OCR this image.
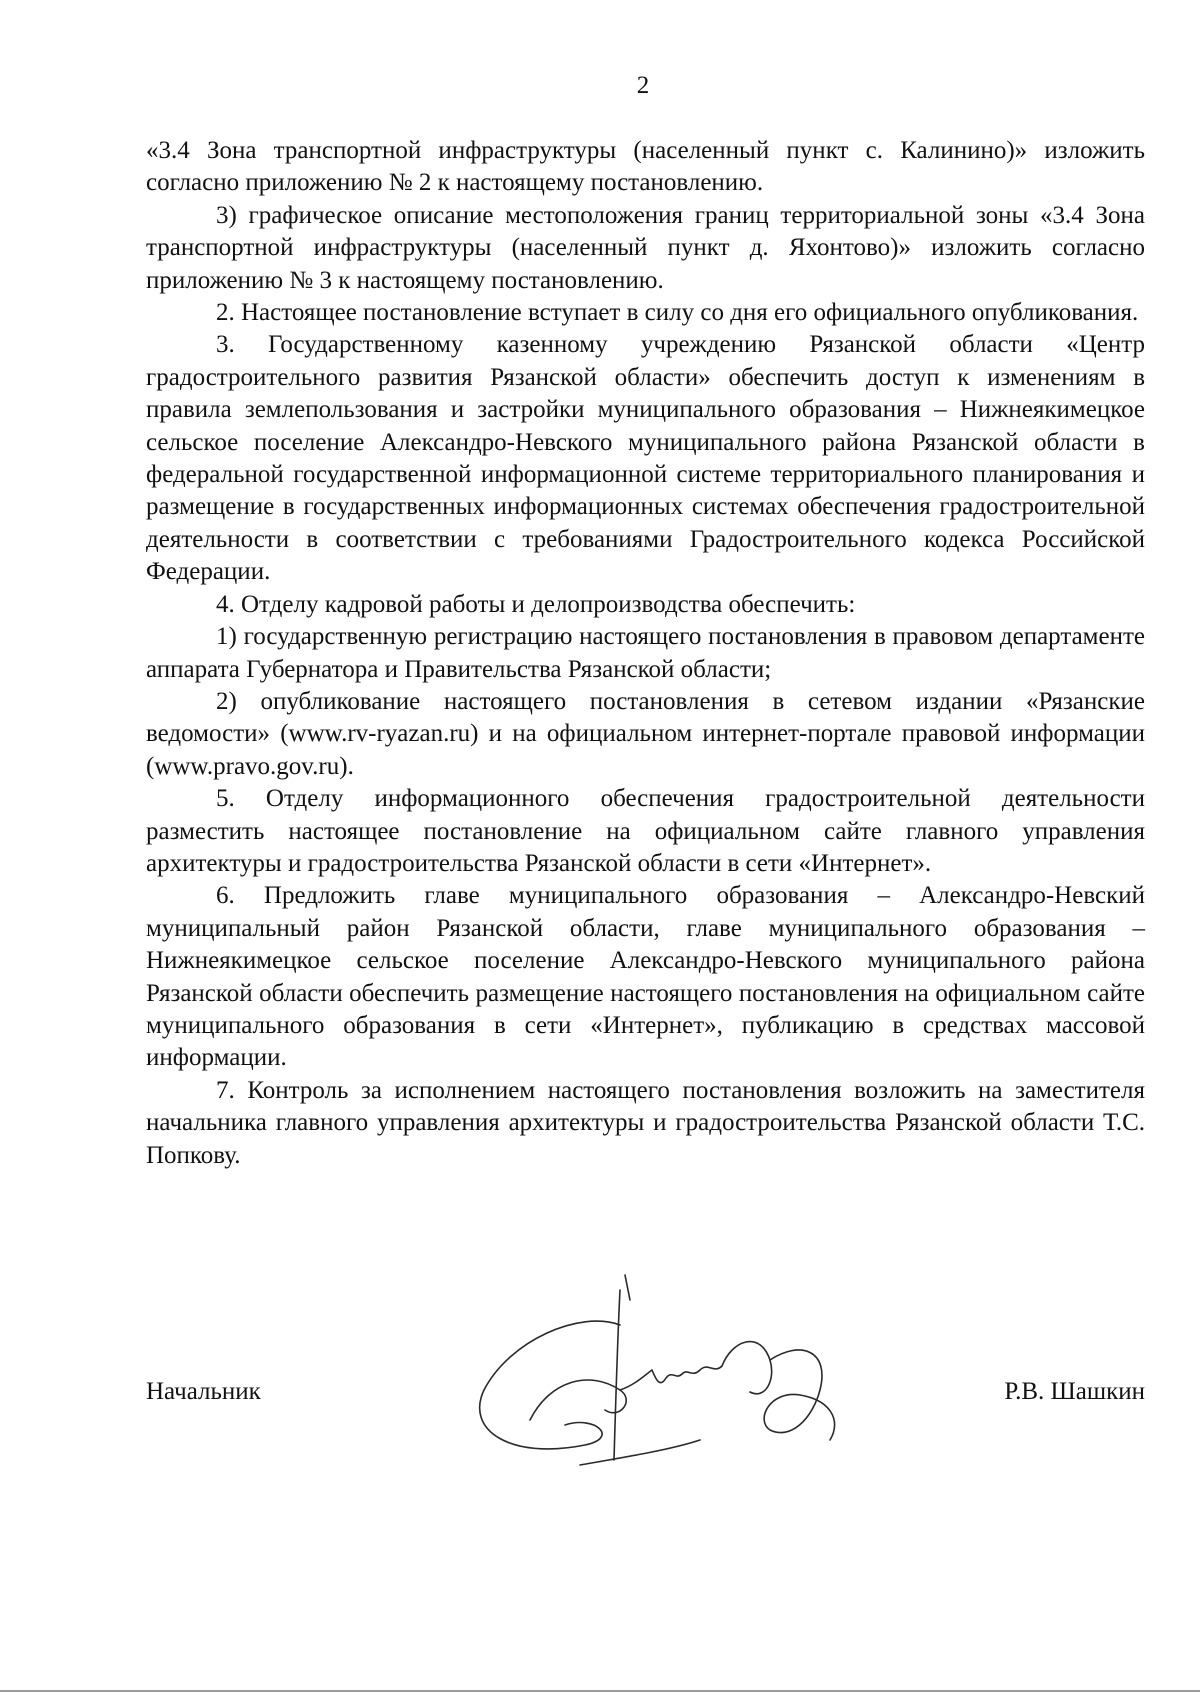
2

«3.4 Зона транспортной инфраструктуры (населенный пункт с. Калинино)» изложить согласно приложению № 2 к настоящему постановлению.

3) графическое описание местоположения границ территориальной зоны «3.4 Зона транспортной инфраструктуры (населенный пункт д. Яхонтово)» изложить согласно приложению № 3 к настоящему постановлению.

2. Настоящее постановление вступает в силу со дня его официального опубликования.

3. Государственному казенному учреждению Рязанской области «Центр градостроительного развития Рязанской области» обеспечить доступ к изменениям в правила землепользования и застройки муниципального образования – Нижнеякимецкое сельское поселение Александро-Невского муниципального района Рязанской области в федеральной государственной информационной системе территориального планирования и размещение в государственных информационных системах обеспечения градостроительной деятельности в соответствии с требованиями Градостроительного кодекса Российской Федерации.

4. Отделу кадровой работы и делопроизводства обеспечить:

1) государственную регистрацию настоящего постановления в правовом департаменте аппарата Губернатора и Правительства Рязанской области;

2) опубликование настоящего постановления в сетевом издании «Рязанские ведомости» (www.rv-ryazan.ru) и на официальном интернет-портале правовой информации (www.pravo.gov.ru).

5. Отделу информационного обеспечения градостроительной деятельности разместить настоящее постановление на официальном сайте главного управления архитектуры и градостроительства Рязанской области в сети «Интернет».

6. Предложить главе муниципального образования – Александро-Невский муниципальный район Рязанской области, главе муниципального образования – Нижнеякимецкое сельское поселение Александро-Невского муниципального района Рязанской области обеспечить размещение настоящего постановления на официальном сайте муниципального образования в сети «Интернет», публикацию в средствах массовой информации.

7. Контроль за исполнением настоящего постановления возложить на заместителя начальника главного управления архитектуры и градостроительства Рязанской области Т.С. Попкову.

Начальник	Р.В. Шашкин
